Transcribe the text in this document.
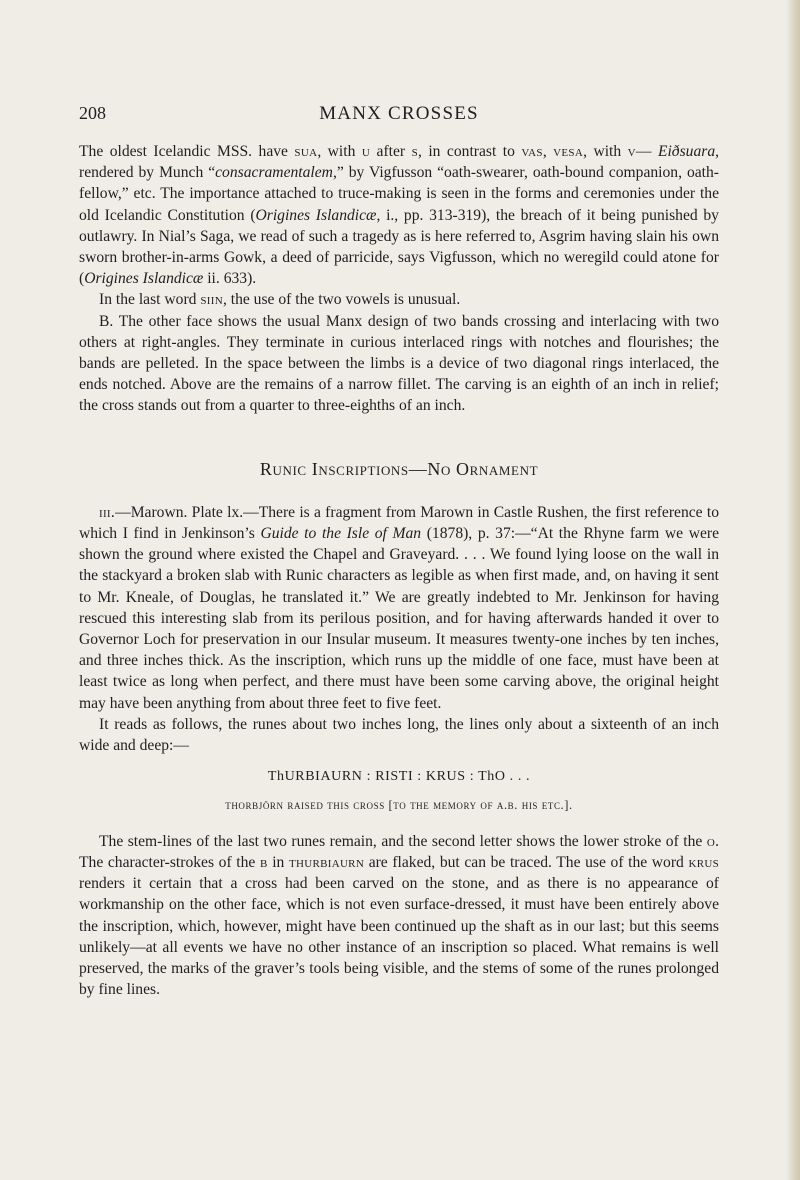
208	MANX CROSSES

The oldest Icelandic MSS. have sua, with u after s, in contrast to vas, vesa, with v— Eiðsuara, rendered by Munch “consacramentalem,” by Vigfusson “oath-swearer, oath-bound companion, oath-fellow,” etc. The importance attached to truce-making is seen in the forms and ceremonies under the old Icelandic Constitution (Origines Islandicæ, i., pp. 313-319), the breach of it being punished by outlawry. In Nial’s Saga, we read of such a tragedy as is here referred to, Asgrim having slain his own sworn brother-in-arms Gowk, a deed of parricide, says Vigfusson, which no weregild could atone for (Origines Islandicæ ii. 633).

In the last word siin, the use of the two vowels is unusual.

B. The other face shows the usual Manx design of two bands crossing and interlacing with two others at right-angles. They terminate in curious interlaced rings with notches and flourishes; the bands are pelleted. In the space between the limbs is a device of two diagonal rings interlaced, the ends notched. Above are the remains of a narrow fillet. The carving is an eighth of an inch in relief; the cross stands out from a quarter to three-eighths of an inch.

Runic Inscriptions—No Ornament

iii.—Marown. Plate lx.—There is a fragment from Marown in Castle Rushen, the first reference to which I find in Jenkinson’s Guide to the Isle of Man (1878), p. 37:—“At the Rhyne farm we were shown the ground where existed the Chapel and Graveyard. . . . We found lying loose on the wall in the stackyard a broken slab with Runic characters as legible as when first made, and, on having it sent to Mr. Kneale, of Douglas, he translated it.” We are greatly indebted to Mr. Jenkinson for having rescued this interesting slab from its perilous position, and for having afterwards handed it over to Governor Loch for preservation in our Insular museum. It measures twenty-one inches by ten inches, and three inches thick. As the inscription, which runs up the middle of one face, must have been at least twice as long when perfect, and there must have been some carving above, the original height may have been anything from about three feet to five feet.

It reads as follows, the runes about two inches long, the lines only about a sixteenth of an inch wide and deep:—

ThURBIAURN : RISTI : KRUS : ThO . . .
thorbjörn raised this cross [to the memory of a.b. his etc.].

The stem-lines of the last two runes remain, and the second letter shows the lower stroke of the o. The character-strokes of the b in thurbiaurn are flaked, but can be traced. The use of the word krus renders it certain that a cross had been carved on the stone, and as there is no appearance of workmanship on the other face, which is not even surface-dressed, it must have been entirely above the inscription, which, however, might have been continued up the shaft as in our last; but this seems unlikely—at all events we have no other instance of an inscription so placed. What remains is well preserved, the marks of the graver’s tools being visible, and the stems of some of the runes prolonged by fine lines.
